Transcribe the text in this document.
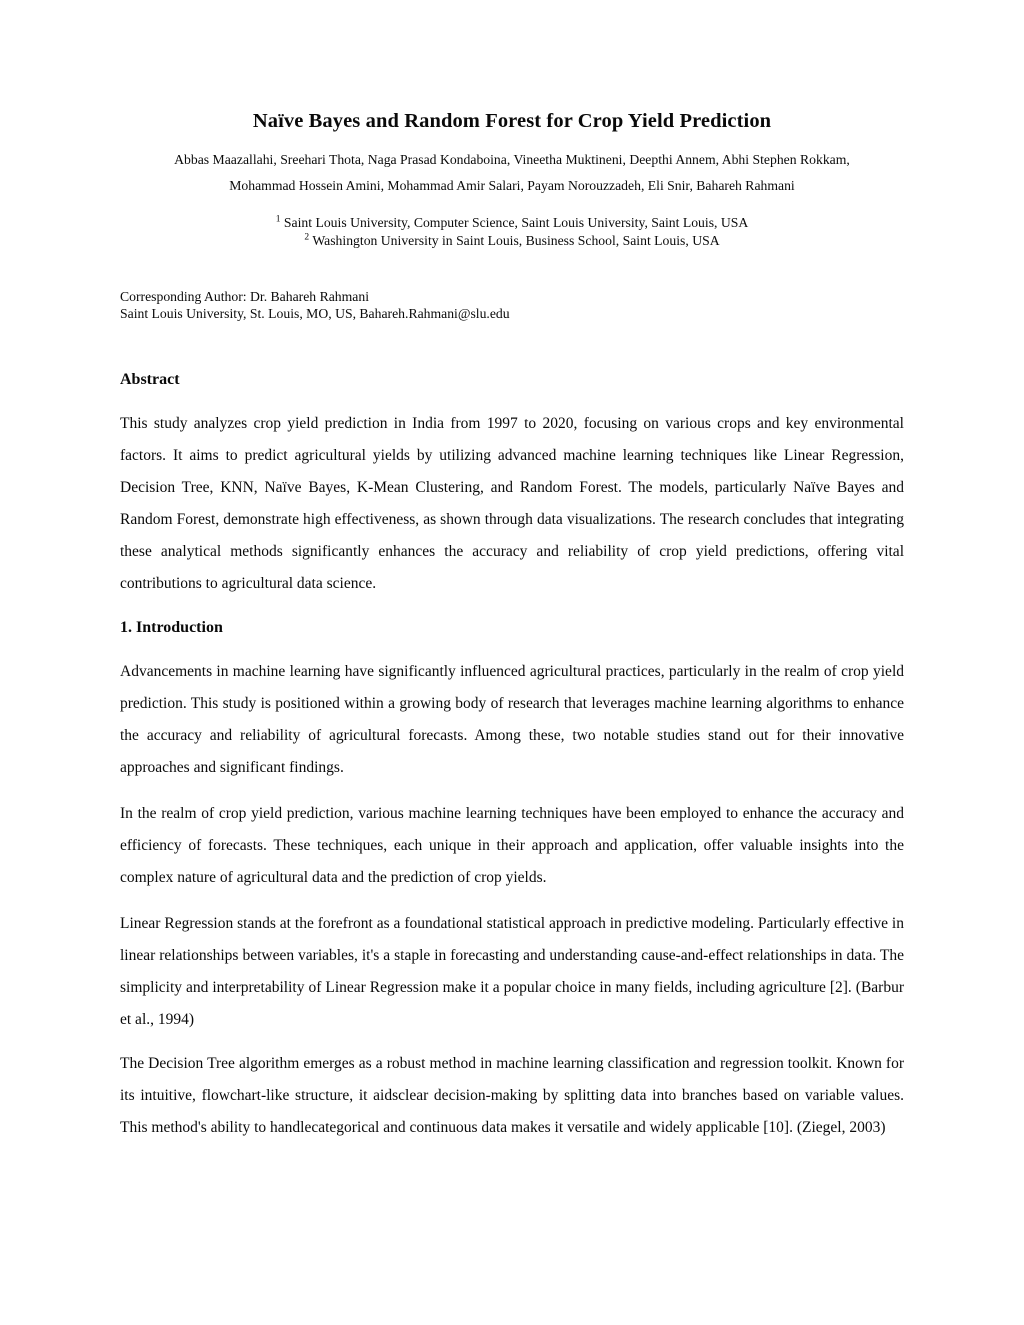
Naïve Bayes and Random Forest for Crop Yield Prediction

Abbas Maazallahi, Sreehari Thota, Naga Prasad Kondaboina, Vineetha Muktineni, Deepthi Annem, Abhi Stephen Rokkam,

Mohammad Hossein Amini, Mohammad Amir Salari, Payam Norouzzadeh, Eli Snir, Bahareh Rahmani

$^1$ Saint Louis University, Computer Science, Saint Louis University, Saint Louis, USA

$^2$ Washington University in Saint Louis, Business School, Saint Louis, USA

Corresponding Author: Dr. Bahareh Rahmani

Saint Louis University, St. Louis, MO, US, Bahareh.Rahmani@slu.edu

Abstract

This study analyzes crop yield prediction in India from 1997 to 2020, focusing on various crops and key environmental factors. It aims to predict agricultural yields by utilizing advanced machine learning techniques like Linear Regression, Decision Tree, KNN, Naïve Bayes, K-Mean Clustering, and Random Forest. The models, particularly Naïve Bayes and Random Forest, demonstrate high effectiveness, as shown through data visualizations. The research concludes that integrating these analytical methods significantly enhances the accuracy and reliability of crop yield predictions, offering vital contributions to agricultural data science.

1. Introduction

Advancements in machine learning have significantly influenced agricultural practices, particularly in the realm of crop yield prediction. This study is positioned within a growing body of research that leverages machine learning algorithms to enhance the accuracy and reliability of agricultural forecasts. Among these, two notable studies stand out for their innovative approaches and significant findings.

In the realm of crop yield prediction, various machine learning techniques have been employed to enhance the accuracy and efficiency of forecasts. These techniques, each unique in their approach and application, offer valuable insights into the complex nature of agricultural data and the prediction of crop yields.

Linear Regression stands at the forefront as a foundational statistical approach in predictive modeling. Particularly effective in linear relationships between variables, it's a staple in forecasting and understanding cause-and-effect relationships in data. The simplicity and interpretability of Linear Regression make it a popular choice in many fields, including agriculture [2]. (Barbur et al., 1994)

The Decision Tree algorithm emerges as a robust method in machine learning classification and regression toolkit. Known for its intuitive, flowchart-like structure, it aidsclear decision-making by splitting data into branches based on variable values. This method's ability to handlecategorical and continuous data makes it versatile and widely applicable [10]. (Ziegel, 2003)
